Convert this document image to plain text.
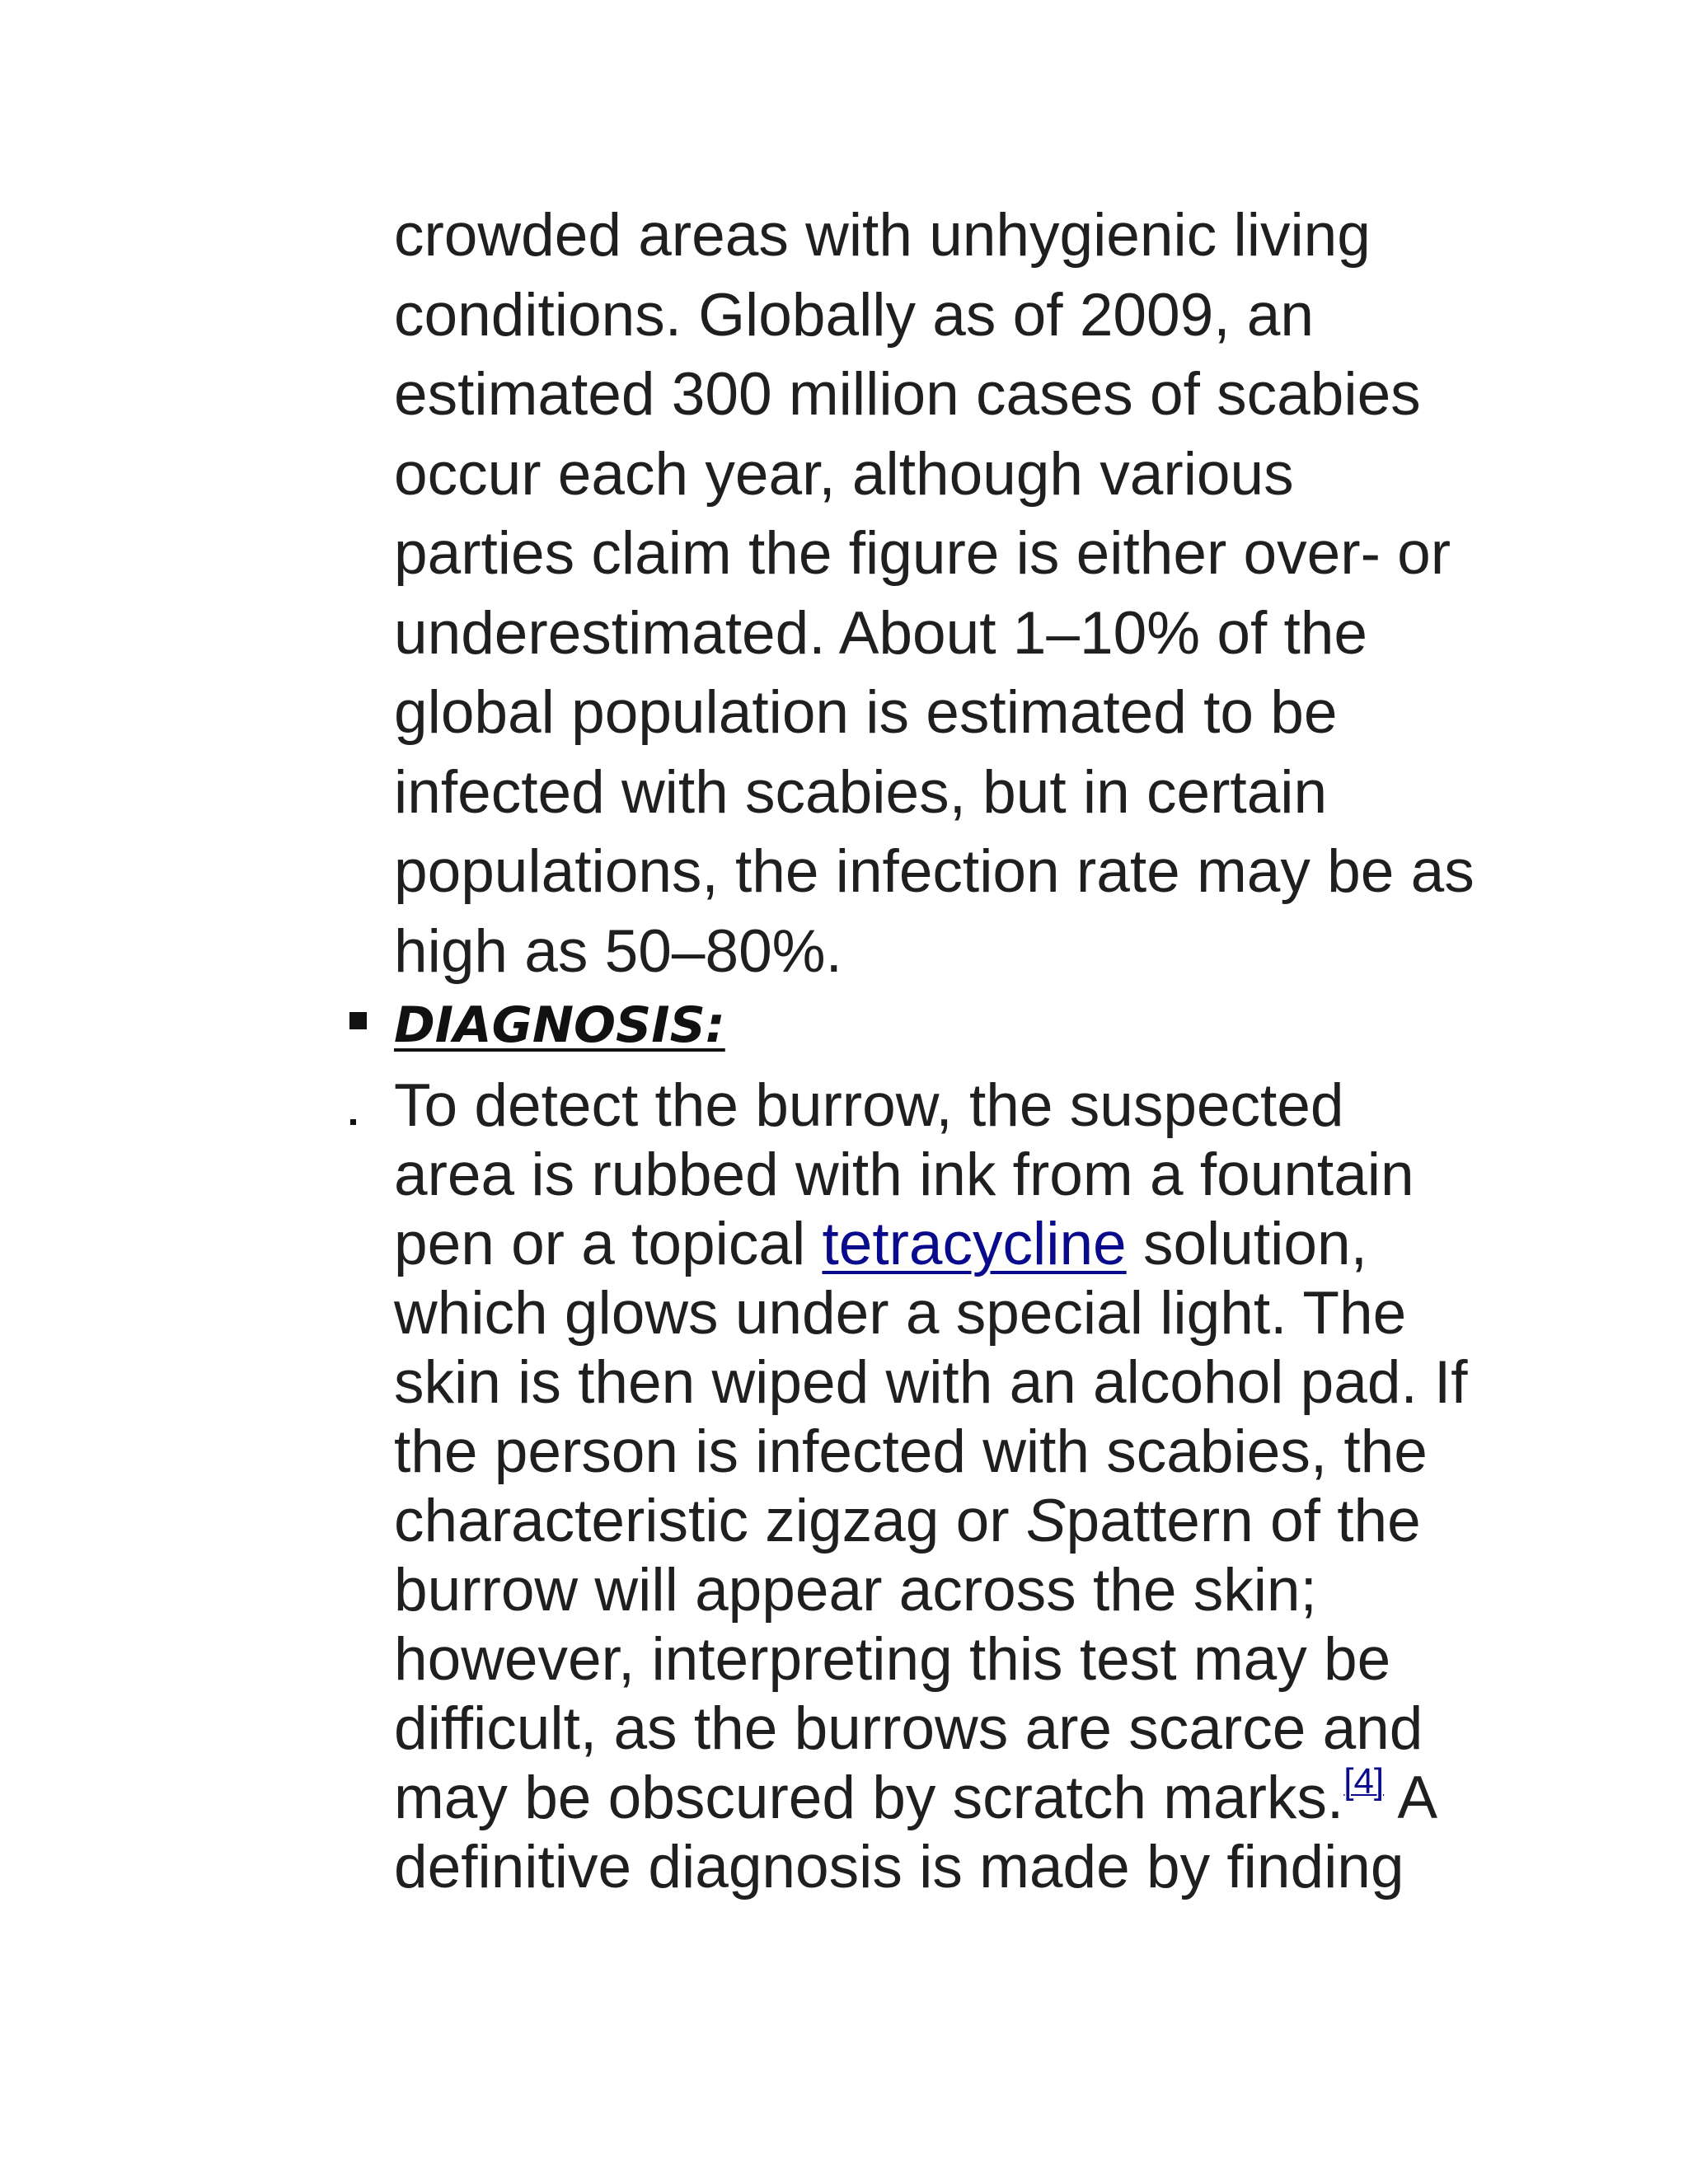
crowded areas with unhygienic living
conditions. Globally as of 2009, an
estimated 300 million cases of scabies
occur each year, although various
parties claim the figure is either over- or
underestimated. About 1–10% of the
global population is estimated to be
infected with scabies, but in certain
populations, the infection rate may be as
high as 50–80%.
DIAGNOSIS:
To detect the burrow, the suspected
area is rubbed with ink from a fountain
pen or a topical tetracycline solution,
which glows under a special light. The
skin is then wiped with an alcohol pad. If
the person is infected with scabies, the
characteristic zigzag or Spattern of the
burrow will appear across the skin;
however, interpreting this test may be
difficult, as the burrows are scarce and
may be obscured by scratch marks.[4] A
definitive diagnosis is made by finding
